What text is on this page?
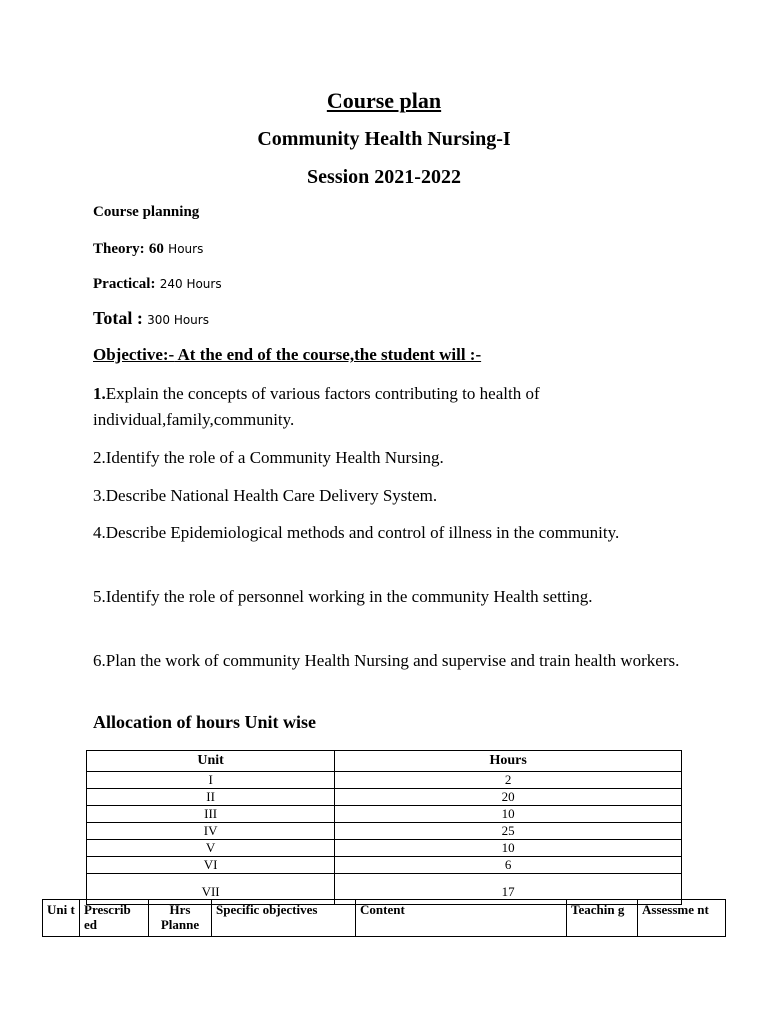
Course plan
Community Health Nursing-I
Session 2021-2022

Course planning

Theory: 60 Hours

Practical: 240 Hours

Total : 300 Hours

Objective:- At the end of the course,the student will :-

1.Explain the concepts of various factors contributing to health of individual,family,community.

2.Identify the role of a Community Health Nursing.

3.Describe National Health Care Delivery System.

4.Describe Epidemiological methods and control of illness in the community.

5.Identify the role of personnel working in the community Health setting.

6.Plan the work of community Health Nursing and supervise and train health workers.

Allocation of hours Unit wise

Unit	Hours
I	2
II	20
III	10
IV	25
V	10
VI	6
VII	17
Uni t	Prescrib ed	Hrs Planne	Specific objectives	Content	Teachin g	Assessme nt
